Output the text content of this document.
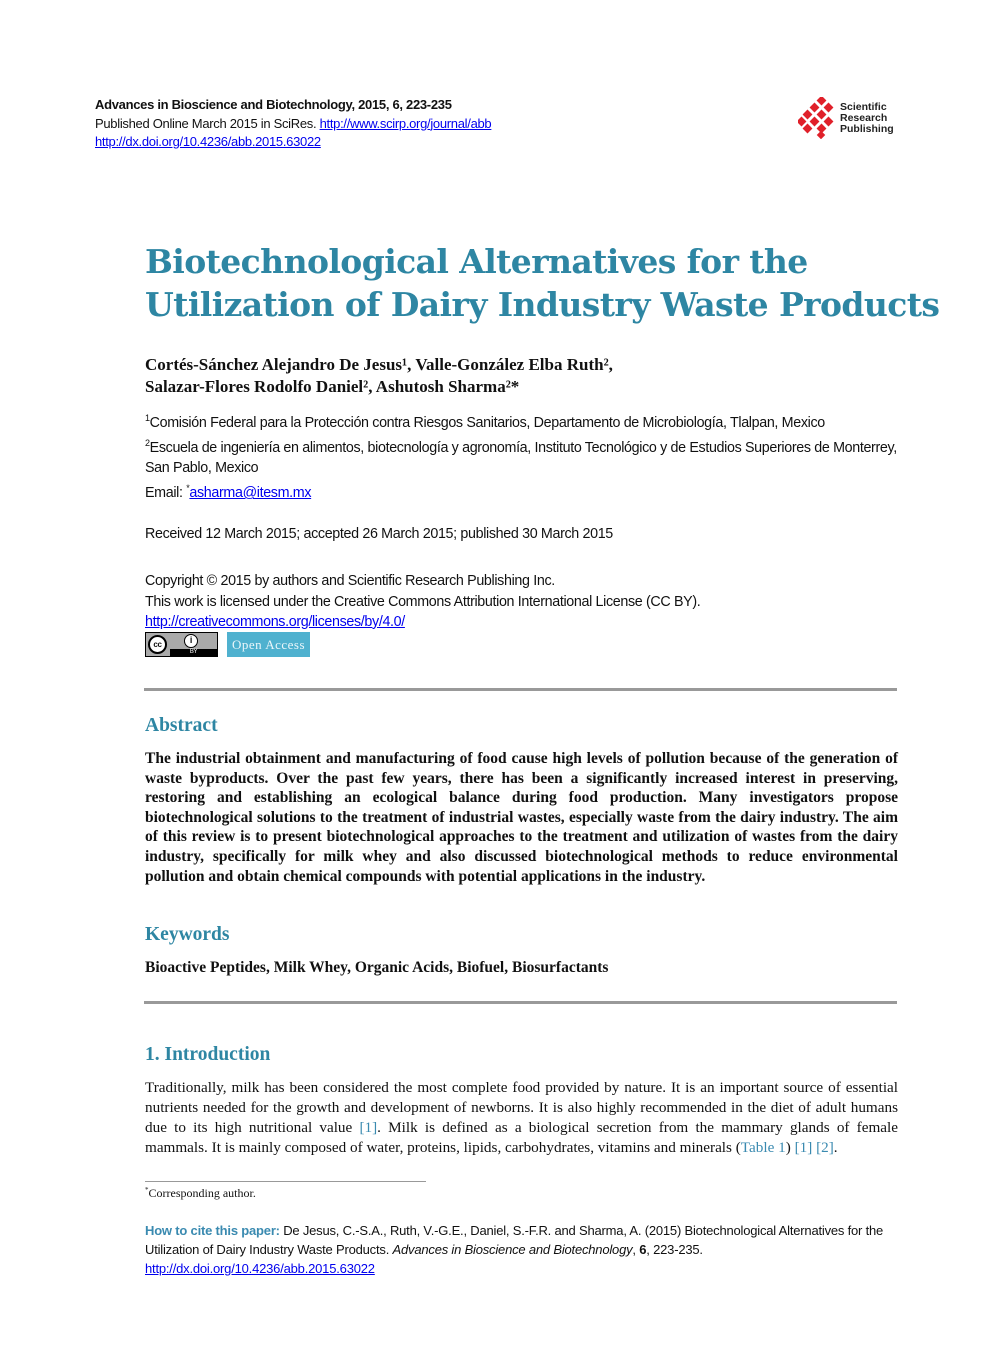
Advances in Bioscience and Biotechnology, 2015, 6, 223-235
Published Online March 2015 in SciRes. http://www.scirp.org/journal/abb
http://dx.doi.org/10.4236/abb.2015.63022
Scientific
Research
Publishing
Biotechnological Alternatives for the
Utilization of Dairy Industry Waste Products
Cortés-Sánchez Alejandro De Jesus¹, Valle-González Elba Ruth²,
Salazar-Flores Rodolfo Daniel², Ashutosh Sharma²*
$^1$Comisión Federal para la Protección contra Riesgos Sanitarios, Departamento de Microbiología, Tlalpan, Mexico
$^2$Escuela de ingeniería en alimentos, biotecnología y agronomía, Instituto Tecnológico y de Estudios Superiores de Monterrey, San Pablo, Mexico
Email: *asharma@itesm.mx
Received 12 March 2015; accepted 26 March 2015; published 30 March 2015
Copyright © 2015 by authors and Scientific Research Publishing Inc.
This work is licensed under the Creative Commons Attribution International License (CC BY).
http://creativecommons.org/licenses/by/4.0/
cc	i
BY	Open Access
Abstract
The industrial obtainment and manufacturing of food cause high levels of pollution because of the generation of waste byproducts. Over the past few years, there has been a significantly increased interest in preserving, restoring and establishing an ecological balance during food production. Many investigators propose biotechnological solutions to the treatment of industrial wastes, especially waste from the dairy industry. The aim of this review is to present biotechnological approaches to the treatment and utilization of wastes from the dairy industry, specifically for milk whey and also discussed biotechnological methods to reduce environmental pollution and obtain chemical compounds with potential applications in the industry.
Keywords
Bioactive Peptides, Milk Whey, Organic Acids, Biofuel, Biosurfactants
1. Introduction
Traditionally, milk has been considered the most complete food provided by nature. It is an important source of essential nutrients needed for the growth and development of newborns. It is also highly recommended in the diet of adult humans due to its high nutritional value [1]. Milk is defined as a biological secretion from the mammary glands of female mammals. It is mainly composed of water, proteins, lipids, carbohydrates, vitamins and minerals (Table 1) [1] [2].
*Corresponding author.
How to cite this paper: De Jesus, C.-S.A., Ruth, V.-G.E., Daniel, S.-F.R. and Sharma, A. (2015) Biotechnological Alternatives for the Utilization of Dairy Industry Waste Products. Advances in Bioscience and Biotechnology, 6, 223-235.
http://dx.doi.org/10.4236/abb.2015.63022
